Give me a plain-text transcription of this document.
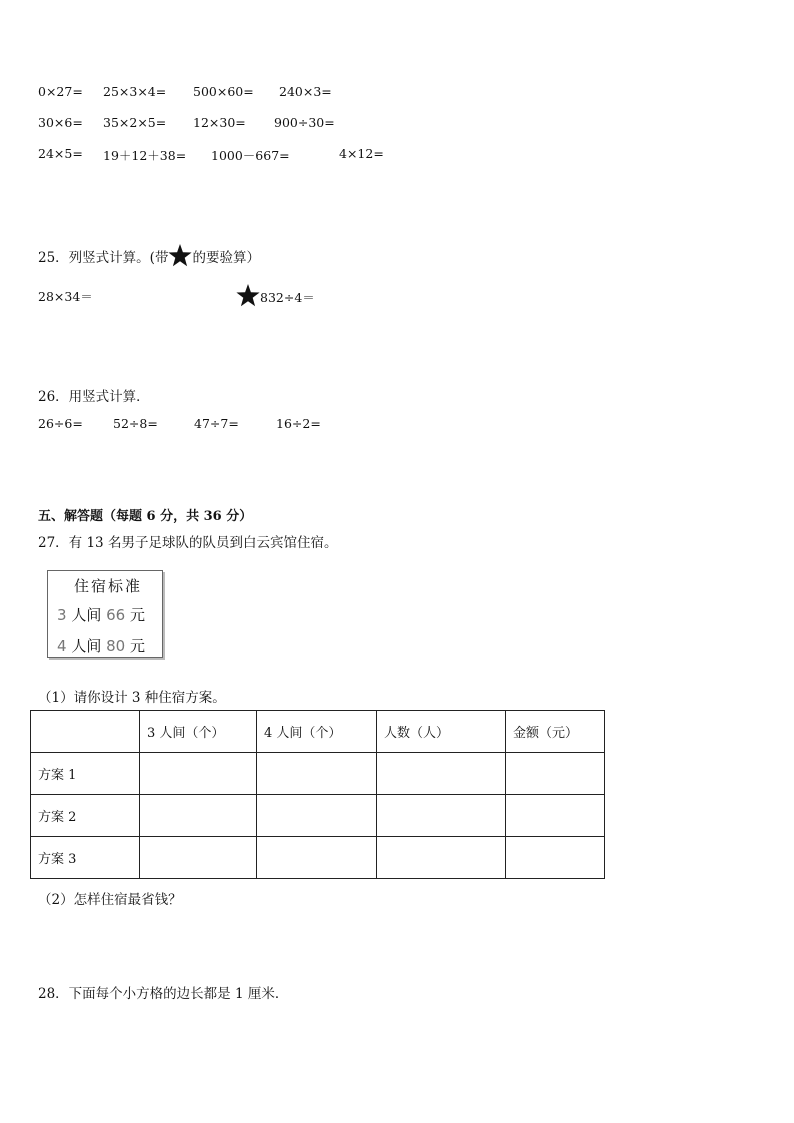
0×27= 25×3×4= 500×60= 240×3=
30×6= 35×2×5= 12×30= 900÷30=
24×5= 19＋12＋38= 1000－667=	4×12=
25．列竖式计算。(带 的要验算）
28×34＝	832÷4＝
26．用竖式计算．
26÷6= 52÷8=	47÷7=	16÷2=
五、解答题（每题 6 分，共 36 分）
27．有 13 名男子足球队的队员到白云宾馆住宿。
住宿标准
3 人间 66 元
4 人间 80 元
（1）请你设计 3 种住宿方案。
	3 人间（个）	4 人间（个）	人数（人）	金额（元）
方案 1				
方案 2				
方案 3				
（2）怎样住宿最省钱？
28．下面每个小方格的边长都是 1 厘米．
